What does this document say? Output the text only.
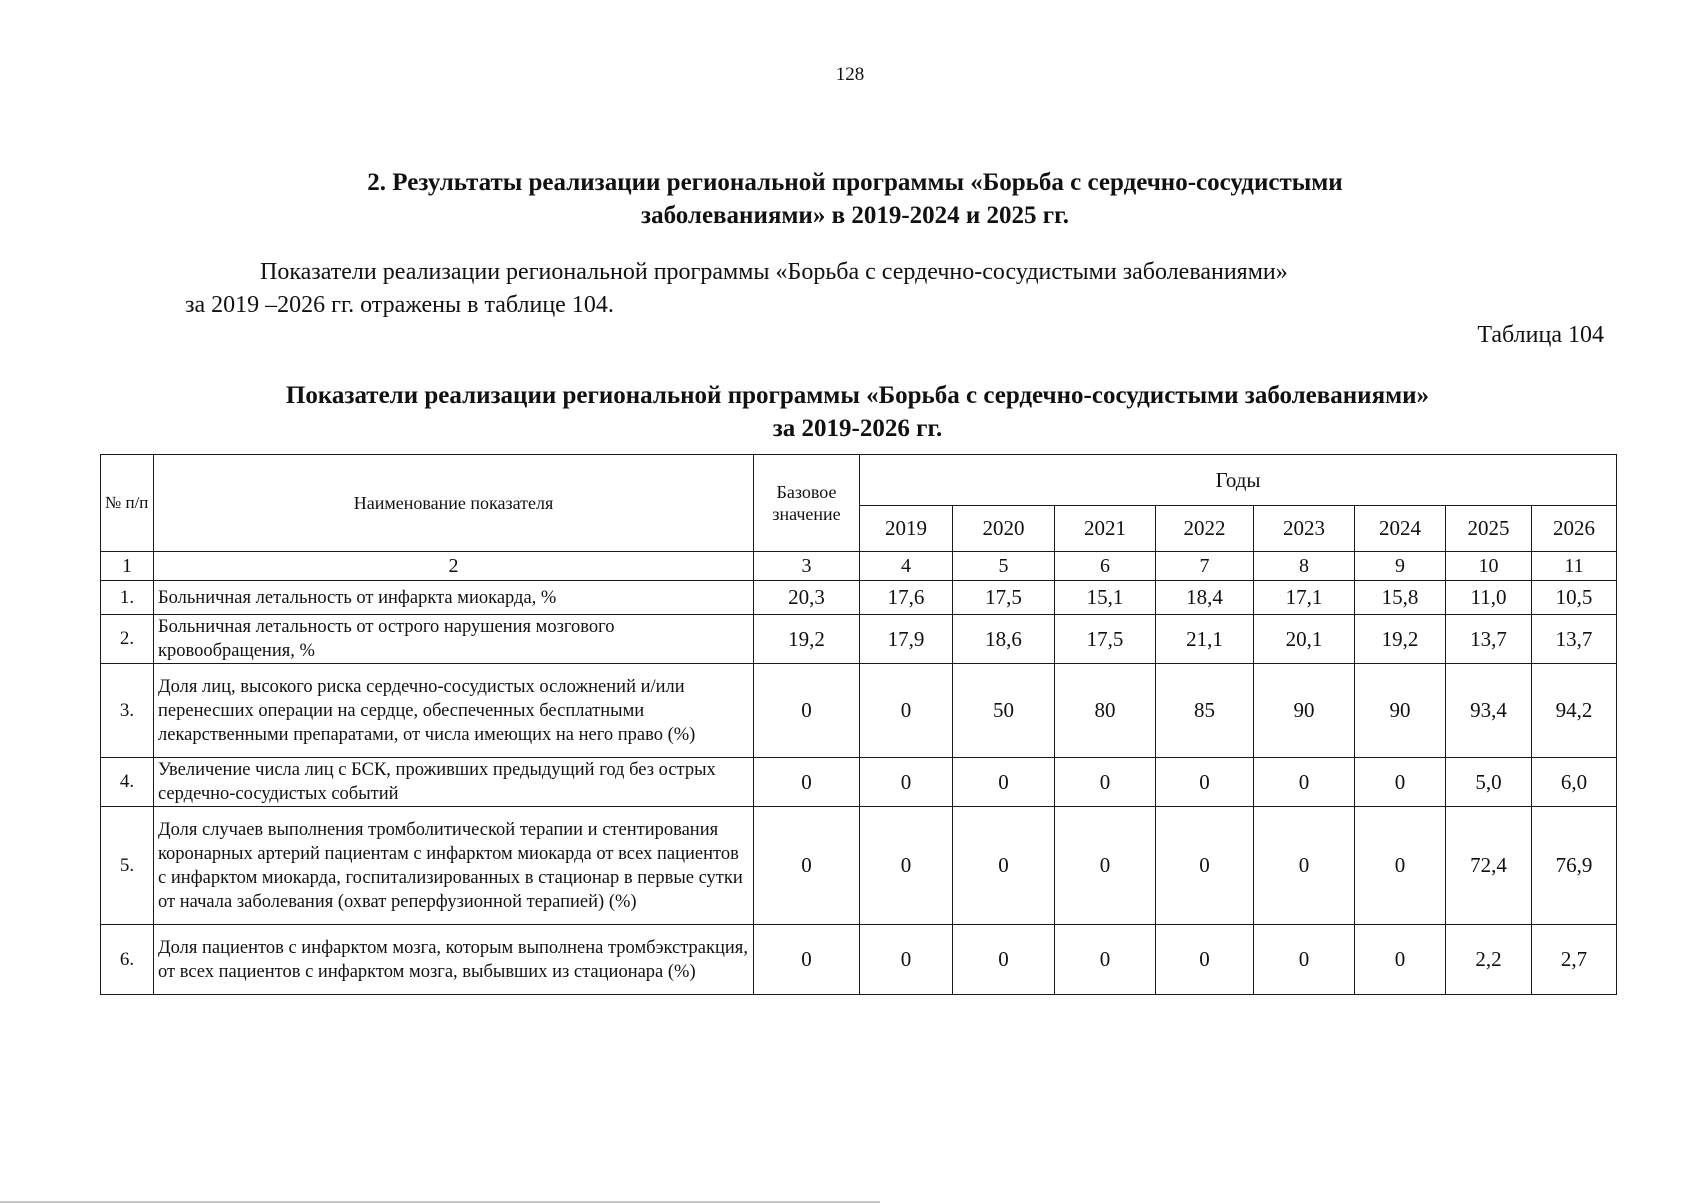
128
2. Результаты реализации региональной программы «Борьба с сердечно-сосудистыми
заболеваниями» в 2019-2024 и 2025 гг.
Показатели реализации региональной программы «Борьба с сердечно-сосудистыми заболеваниями»
за 2019 –2026 гг. отражены в таблице 104.
Таблица 104
Показатели реализации региональной программы «Борьба с сердечно-сосудистыми заболеваниями»
за 2019-2026 гг.
№ п/п	Наименование показателя	Базовое значение	Годы							
			2019	2020	2021	2022	2023	2024	2025	2026
1	2	3	4	5	6	7	8	9	10	11
1.	Больничная летальность от инфаркта миокарда, %	20,3	17,6	17,5	15,1	18,4	17,1	15,8	11,0	10,5
2.	Больничная летальность от острого нарушения мозгового кровообращения, %	19,2	17,9	18,6	17,5	21,1	20,1	19,2	13,7	13,7
3.	Доля лиц, высокого риска сердечно-сосудистых осложнений и/или перенесших операции на сердце, обеспеченных бесплатными лекарственными препаратами, от числа имеющих на него право (%)	0	0	50	80	85	90	90	93,4	94,2
4.	Увеличение числа лиц с БСК, проживших предыдущий год без острых сердечно-сосудистых событий	0	0	0	0	0	0	0	5,0	6,0
5.	Доля случаев выполнения тромболитической терапии и стентирования коронарных артерий пациентам с инфарктом миокарда от всех пациентов с инфарктом миокарда, госпитализированных в стационар в первые сутки от начала заболевания (охват реперфузионной терапией) (%)	0	0	0	0	0	0	0	72,4	76,9
6.	Доля пациентов с инфарктом мозга, которым выполнена тромбэкстракция, от всех пациентов с инфарктом мозга, выбывших из стационара (%)	0	0	0	0	0	0	0	2,2	2,7
